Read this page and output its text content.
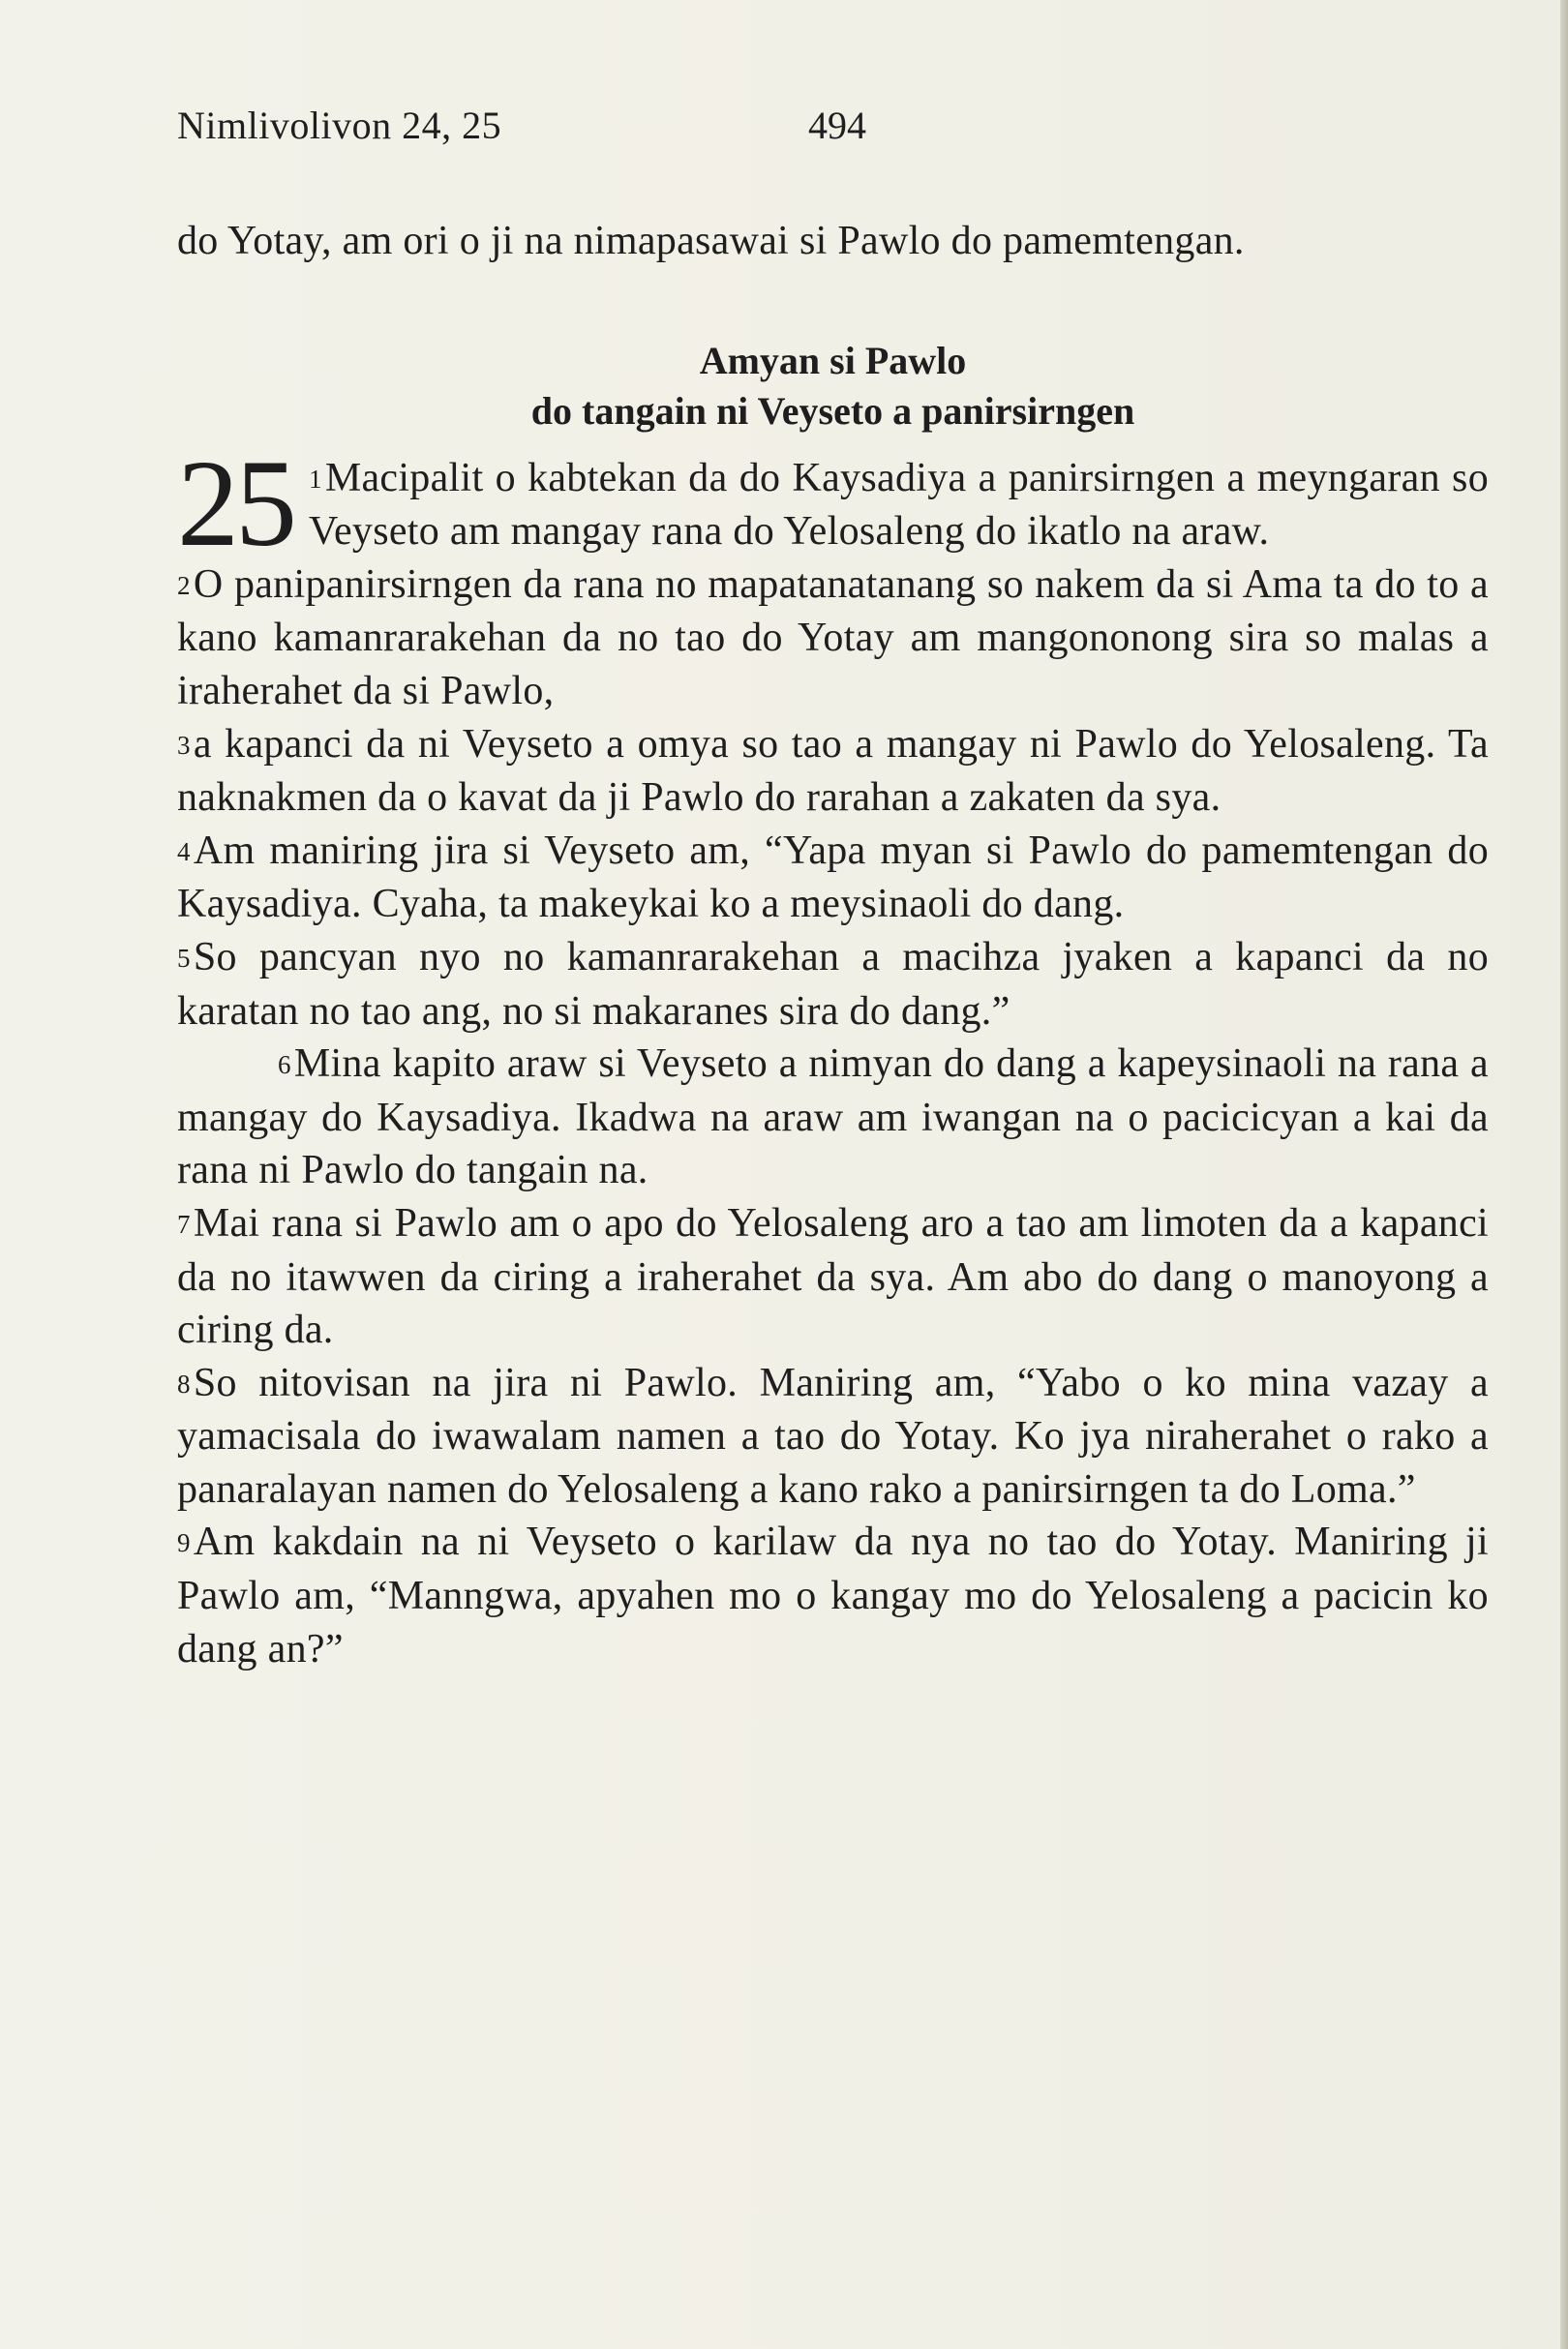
Nimlivolivon 24, 25	494

do Yotay, am ori o ji na nimapasawai si Pawlo do pamemtengan.

Amyan si Pawlo
do tangain ni Veyseto a panirsirngen

25 1Macipalit o kabtekan da do Kaysadiya a panirsirngen a meyngaran so Veyseto am mangay rana do Yelosaleng do ikatlo na araw.

2O panipanirsirngen da rana no mapatanatanang so nakem da si Ama ta do to a kano kamanrarakehan da no tao do Yotay am mangononong sira so malas a iraherahet da si Pawlo,

3a kapanci da ni Veyseto a omya so tao a mangay ni Pawlo do Yelosaleng. Ta naknakmen da o kavat da ji Pawlo do rarahan a zakaten da sya.

4Am maniring jira si Veyseto am, “Yapa myan si Pawlo do pamemtengan do Kaysadiya. Cyaha, ta makeykai ko a meysinaoli do dang.

5So pancyan nyo no kamanrarakehan a macihza jyaken a kapanci da no karatan no tao ang, no si makaranes sira do dang.”

6Mina kapito araw si Veyseto a nimyan do dang a kapeysinaoli na rana a mangay do Kaysadiya. Ikadwa na araw am iwangan na o pacicicyan a kai da rana ni Pawlo do tangain na.

7Mai rana si Pawlo am o apo do Yelosaleng aro a tao am limoten da a kapanci da no itawwen da ciring a iraherahet da sya. Am abo do dang o manoyong a ciring da.

8So nitovisan na jira ni Pawlo. Maniring am, “Yabo o ko mina vazay a yamacisala do iwawalam namen a tao do Yotay. Ko jya niraherahet o rako a panaralayan namen do Yelosaleng a kano rako a panirsirngen ta do Loma.”

9Am kakdain na ni Veyseto o karilaw da nya no tao do Yotay. Maniring ji Pawlo am, “Manngwa, apyahen mo o kangay mo do Yelosaleng a pacicin ko dang an?”
